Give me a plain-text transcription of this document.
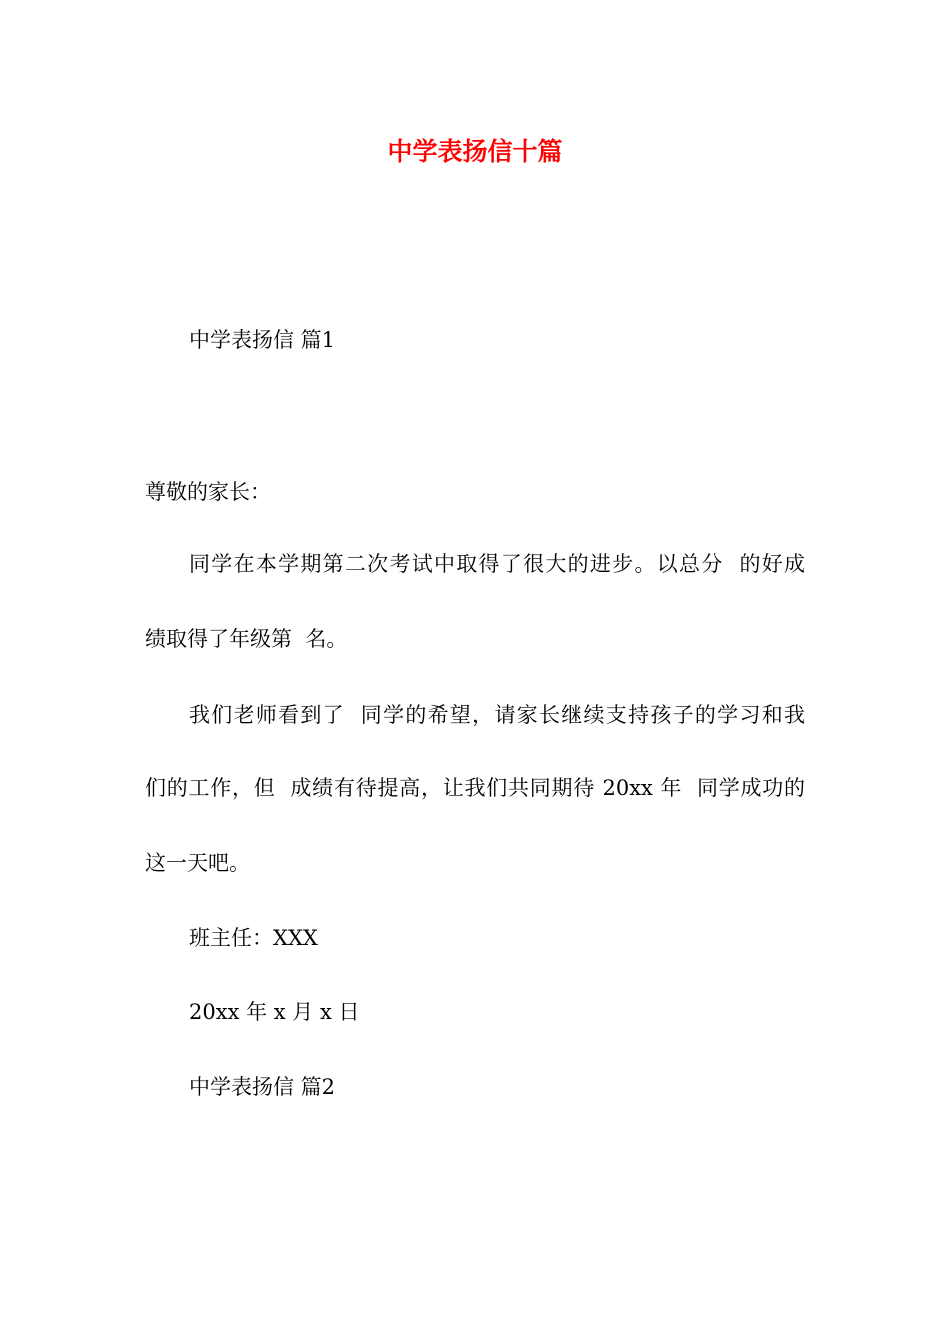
中学表扬信十篇
中学表扬信 篇1
尊敬的家长：
同学在本学期第二次考试中取得了很大的进步。以总分  的好成
绩取得了年级第  名。
我们老师看到了  同学的希望，请家长继续支持孩子的学习和我
们的工作，但  成绩有待提高，让我们共同期待 20xx 年  同学成功的
这一天吧。
班主任：XXX
20xx 年 x 月 x 日
中学表扬信 篇2
